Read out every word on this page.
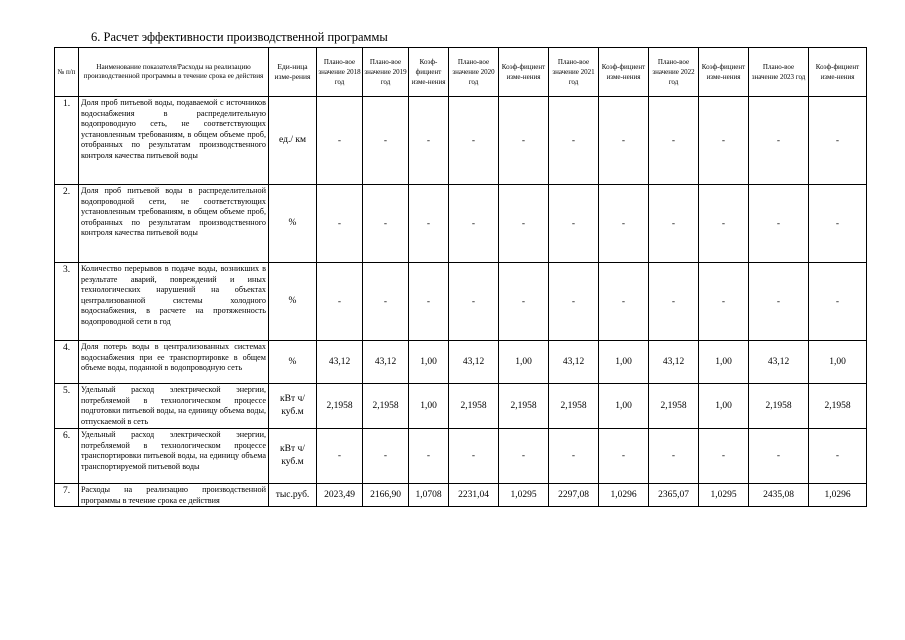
6. Расчет эффективности производственной программы
№ п/п	Наименование показателя/Расходы на реализацию производственной программы в течение срока ее действия	Еди-ница изме-рения	Плано-вое значение 2018 год	Плано-вое значение 2019 год	Коэф-фициент изме-нения	Плано-вое значение 2020 год	Коэф-фициент изме-нения	Плано-вое значение 2021 год	Коэф-фициент изме-нения	Плано-вое значение 2022 год	Коэф-фициент изме-нения	Плано-вое значение 2023 год	Коэф-фициент изме-нения
1.	Доля проб питьевой воды, подаваемой с источников водоснабжения в распределительную водопроводную сеть, не соответствующих установленным требованиям, в общем объеме проб, отобранных по результатам производственного контроля качества питьевой воды	ед./ км	-	-	-	-	-	-	-	-	-	-	-
2.	Доля проб питьевой воды в распределительной водопроводной сети, не соответствующих установленным требованиям, в общем объеме проб, отобранных по результатам производственного контроля качества питьевой воды	%	-	-	-	-	-	-	-	-	-	-	-
3.	Количество перерывов в подаче воды, возникших в результате аварий, повреждений и иных технологических нарушений на объектах централизованной системы холодного водоснабжения, в расчете на протяженность водопроводной сети в год	%	-	-	-	-	-	-	-	-	-	-	-
4.	Доля потерь воды в централизованных системах водоснабжения при ее транспортировке в общем объеме воды, поданной в водопроводную сеть	%	43,12	43,12	1,00	43,12	1,00	43,12	1,00	43,12	1,00	43,12	1,00
5.	Удельный расход электрической энергии, потребляемой в технологическом процессе подготовки питьевой воды, на единицу объема воды, отпускаемой в сеть	кВт ч/куб.м	2,1958	2,1958	1,00	2,1958	2,1958	2,1958	1,00	2,1958	1,00	2,1958	2,1958
6.	Удельный расход электрической энергии, потребляемой в технологическом процессе транспортировки питьевой воды, на единицу объема транспортируемой питьевой воды	кВт ч/куб.м	-	-	-	-	-	-	-	-	-	-	-
7.	Расходы на реализацию производственной программы в течение срока ее действия	тыс.руб.	2023,49	2166,90	1,0708	2231,04	1,0295	2297,08	1,0296	2365,07	1,0295	2435,08	1,0296
